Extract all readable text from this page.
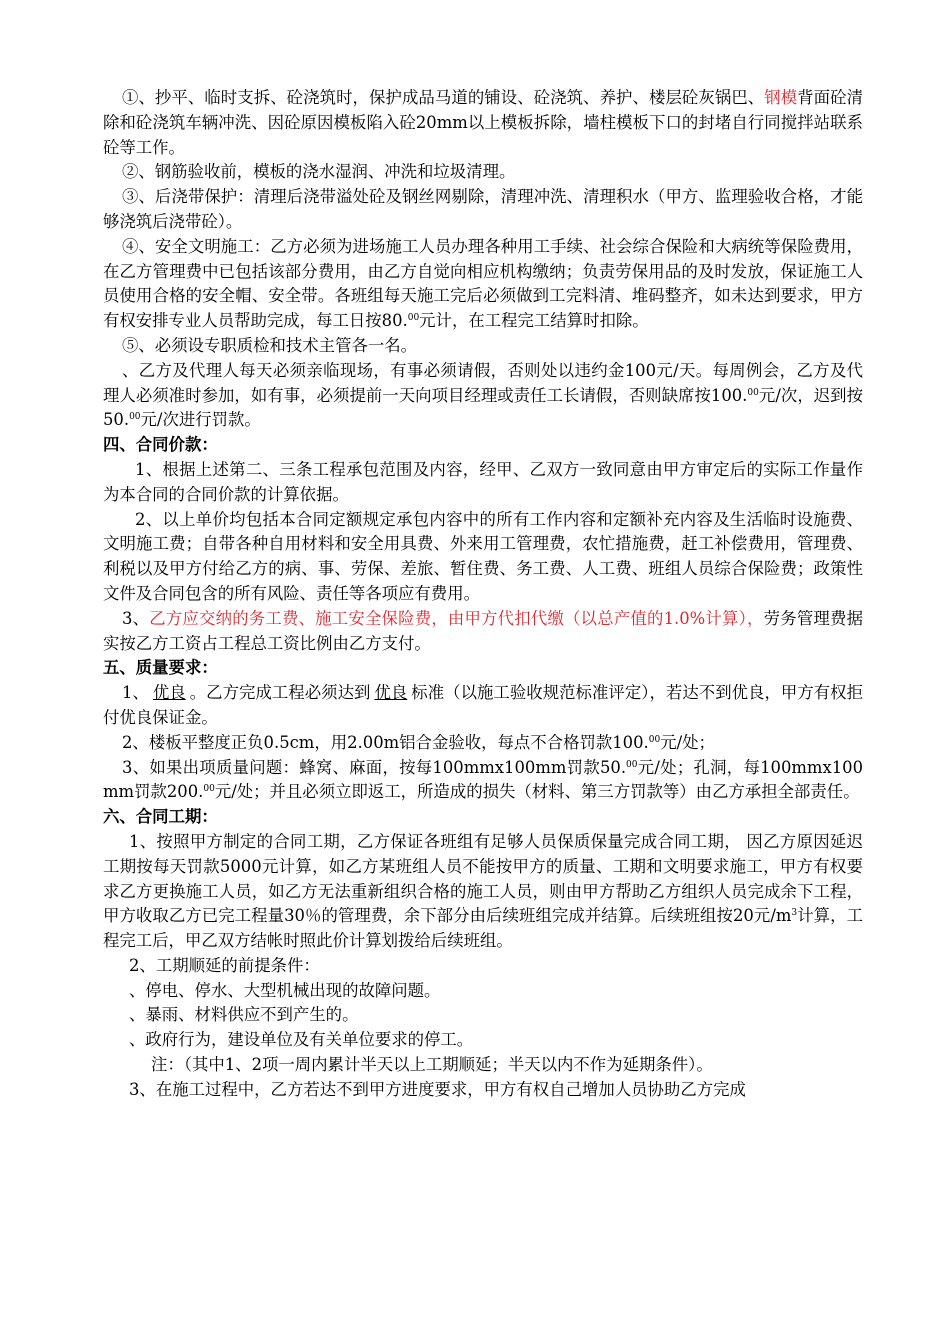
①、抄平、临时支拆、砼浇筑时，保护成品马道的铺设、砼浇筑、养护、楼层砼灰锅巴、钢模背面砼清除和砼浇筑车辆冲洗、因砼原因模板陷入砼20mm以上模板拆除，墙柱模板下口的封堵自行同搅拌站联系砼等工作。

②、钢筋验收前，模板的浇水湿润、冲洗和垃圾清理。

③、后浇带保护：清理后浇带溢处砼及钢丝网剔除，清理冲洗、清理积水（甲方、监理验收合格，才能够浇筑后浇带砼）。

④、安全文明施工：乙方必须为进场施工人员办理各种用工手续、社会综合保险和大病统等保险费用，在乙方管理费中已包括该部分费用，由乙方自觉向相应机构缴纳；负责劳保用品的及时发放，保证施工人员使用合格的安全帽、安全带。各班组每天施工完后必须做到工完料清、堆码整齐，如未达到要求，甲方有权安排专业人员帮助完成，每工日按80.00元计，在工程完工结算时扣除。

⑤、必须设专职质检和技术主管各一名。

、乙方及代理人每天必须亲临现场，有事必须请假，否则处以违约金100元/天。每周例会，乙方及代理人必须准时参加，如有事，必须提前一天向项目经理或责任工长请假，否则缺席按100.00元/次，迟到按50.00元/次进行罚款。

四、合同价款：

1、根据上述第二、三条工程承包范围及内容，经甲、乙双方一致同意由甲方审定后的实际工作量作为本合同的合同价款的计算依据。

2、以上单价均包括本合同定额规定承包内容中的所有工作内容和定额补充内容及生活临时设施费、文明施工费；自带各种自用材料和安全用具费、外来用工管理费，农忙措施费，赶工补偿费用，管理费、利税以及甲方付给乙方的病、事、劳保、差旅、暂住费、务工费、人工费、班组人员综合保险费；政策性文件及合同包含的所有风险、责任等各项应有费用。

3、乙方应交纳的务工费、施工安全保险费，由甲方代扣代缴（以总产值的1.0%计算），劳务管理费据实按乙方工资占工程总工资比例由乙方支付。

五、质量要求：

1、 优良 。乙方完成工程必须达到 优良 标准（以施工验收规范标准评定），若达不到优良，甲方有权拒付优良保证金。

2、楼板平整度正负0.5cm，用2.00m铝合金验收，每点不合格罚款100.00元/处；

3、如果出项质量问题：蜂窝、麻面，按每100mmx100mm罚款50.00元/处；孔洞，每100mmx100mm罚款200.00元/处；并且必须立即返工，所造成的损失（材料、第三方罚款等）由乙方承担全部责任。

六、合同工期：

1、按照甲方制定的合同工期，乙方保证各班组有足够人员保质保量完成合同工期， 因乙方原因延迟工期按每天罚款5000元计算，如乙方某班组人员不能按甲方的质量、工期和文明要求施工，甲方有权要求乙方更换施工人员，如乙方无法重新组织合格的施工人员，则由甲方帮助乙方组织人员完成余下工程，甲方收取乙方已完工程量30％的管理费，余下部分由后续班组完成并结算。后续班组按20元$/m^3$计算，工程完工后，甲乙双方结帐时照此价计算划拨给后续班组。

2、工期顺延的前提条件：

、停电、停水、大型机械出现的故障问题。

、暴雨、材料供应不到产生的。

、政府行为，建设单位及有关单位要求的停工。

注：（其中1、2项一周内累计半天以上工期顺延；半天以内不作为延期条件）。

3、在施工过程中，乙方若达不到甲方进度要求，甲方有权自己增加人员协助乙方完成
